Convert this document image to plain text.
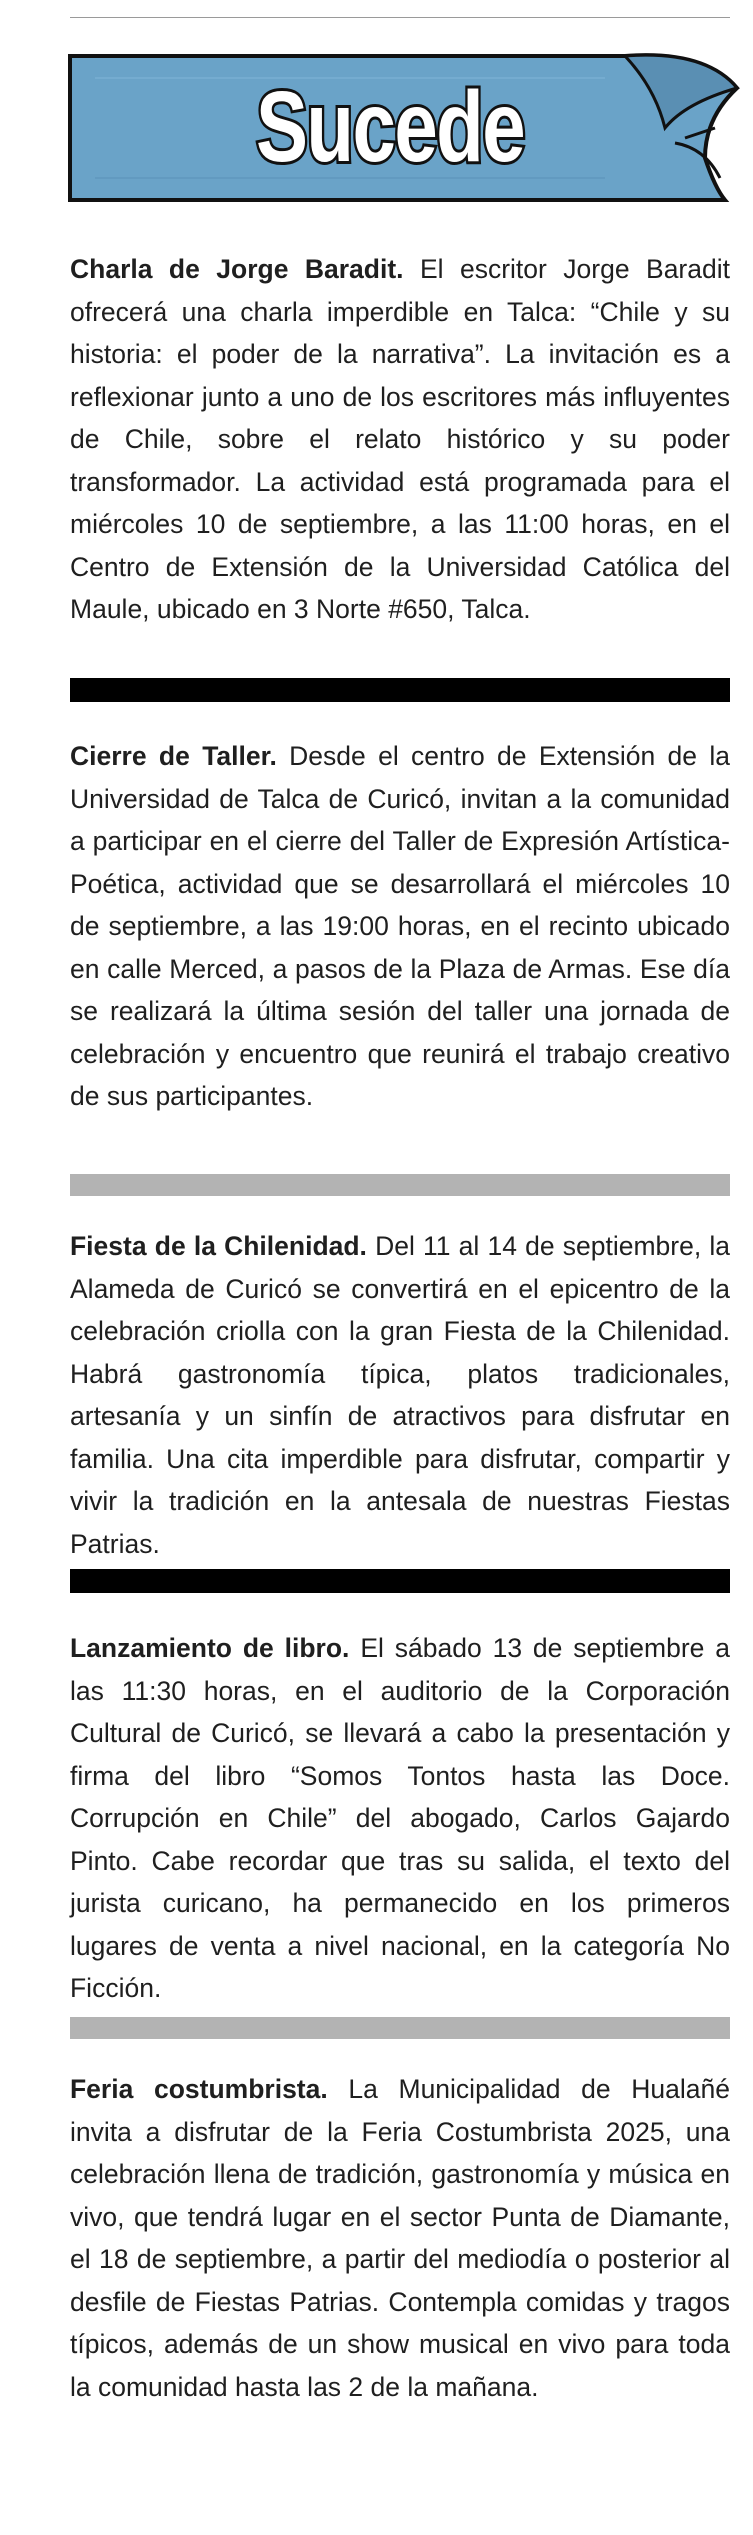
Sucede
Charla de Jorge Baradit. El escritor Jorge Baradit ofrecerá una charla imperdible en Talca: “Chile y su historia: el poder de la narrativa”. La invitación es a reflexionar junto a uno de los escritores más influyentes de Chile, sobre el relato histórico y su poder transformador. La actividad está programada para el miércoles 10 de septiembre, a las 11:00 horas, en el Centro de Extensión de la Universidad Católica del Maule, ubicado en 3 Norte #650, Talca.
Cierre de Taller. Desde el centro de Extensión de la Universidad de Talca de Curicó, invitan a la comunidad a participar en el cierre del Taller de Expresión Artística-Poética, actividad que se desarrollará el miércoles 10 de septiembre, a las 19:00 horas, en el recinto ubicado en calle Merced, a pasos de la Plaza de Armas. Ese día se realizará la última sesión del taller una jornada de celebración y encuentro que reunirá el trabajo creativo de sus participantes.
Fiesta de la Chilenidad. Del 11 al 14 de septiembre, la Alameda de Curicó se convertirá en el epicentro de la celebración criolla con la gran Fiesta de la Chilenidad. Habrá gastronomía típica, platos tradicionales, artesanía y un sinfín de atractivos para disfrutar en familia. Una cita imperdible para disfrutar, compartir y vivir la tradición en la antesala de nuestras Fiestas Patrias.
Lanzamiento de libro. El sábado 13 de septiembre a las 11:30 horas, en el auditorio de la Corporación Cultural de Curicó, se llevará a cabo la presentación y firma del libro “Somos Tontos hasta las Doce. Corrupción en Chile” del abogado, Carlos Gajardo Pinto. Cabe recordar que tras su salida, el texto del jurista curicano, ha permanecido en los primeros lugares de venta a nivel nacional, en la categoría No Ficción.
Feria costumbrista. La Municipalidad de Hualañé invita a disfrutar de la Feria Costumbrista 2025, una celebración llena de tradición, gastronomía y música en vivo, que tendrá lugar en el sector Punta de Diamante, el 18 de septiembre, a partir del mediodía o posterior al desfile de Fiestas Patrias. Contempla comidas y tragos típicos, además de un show musical en vivo para toda la comunidad hasta las 2 de la mañana.
